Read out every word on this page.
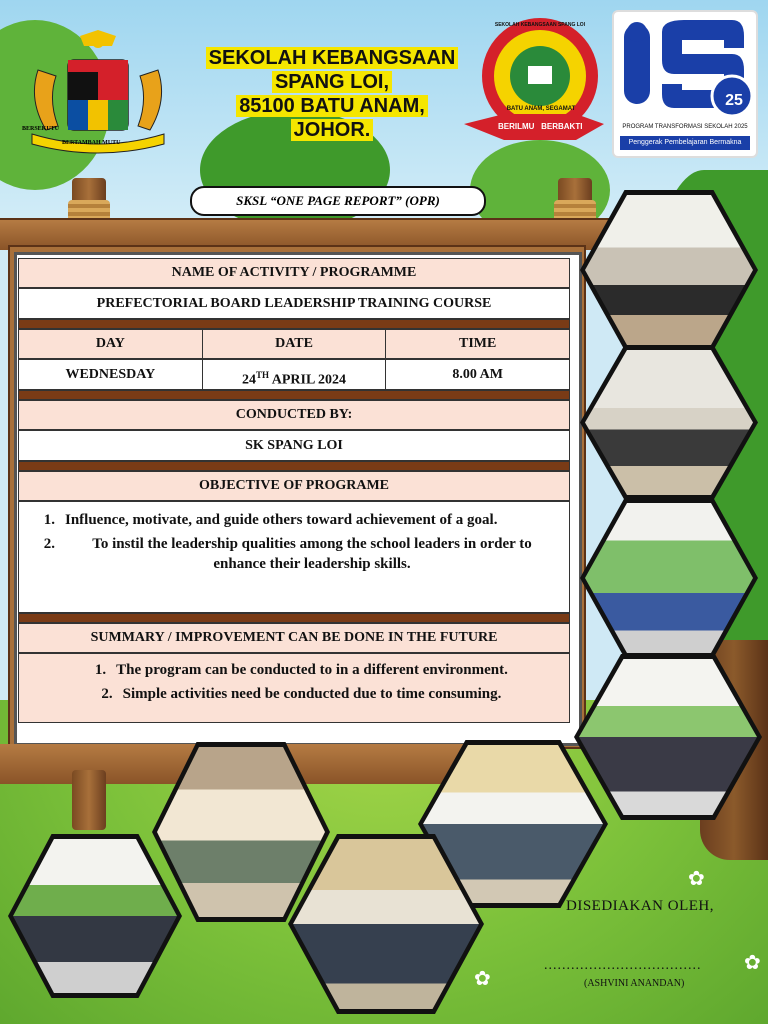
BERSEKUTU
BERTAMBAH MUTU
SEKOLAH KEBANGSAAN
SPANG LOI,
85100 BATU ANAM,
JOHOR.
SEKOLAH KEBANGSAAN SPANG LOI
BATU ANAM, SEGAMAT
BERILMU   BERBAKTI
25
PROGRAM TRANSFORMASI SEKOLAH 2025
Penggerak Pembelajaran Bermakna
SKSL “ONE PAGE REPORT” (OPR)
NAME OF ACTIVITY / PROGRAMME
PREFECTORIAL BOARD LEADERSHIP TRAINING COURSE
DAY	DATE	TIME
WEDNESDAY	24TH APRIL 2024	8.00 AM
CONDUCTED BY:
SK SPANG LOI
OBJECTIVE OF PROGRAME
1. Influence, motivate, and guide others toward achievement of a goal.
2.	To instil the leadership qualities among the school leaders in order to enhance their leadership skills.
SUMMARY / IMPROVEMENT CAN BE DONE IN THE FUTURE
1. The program can be conducted to in a different environment.
2. Simple activities need be conducted due to time consuming.
✿
✿
✿
DISEDIAKAN OLEH,
...................................
(ASHVINI ANANDAN)
